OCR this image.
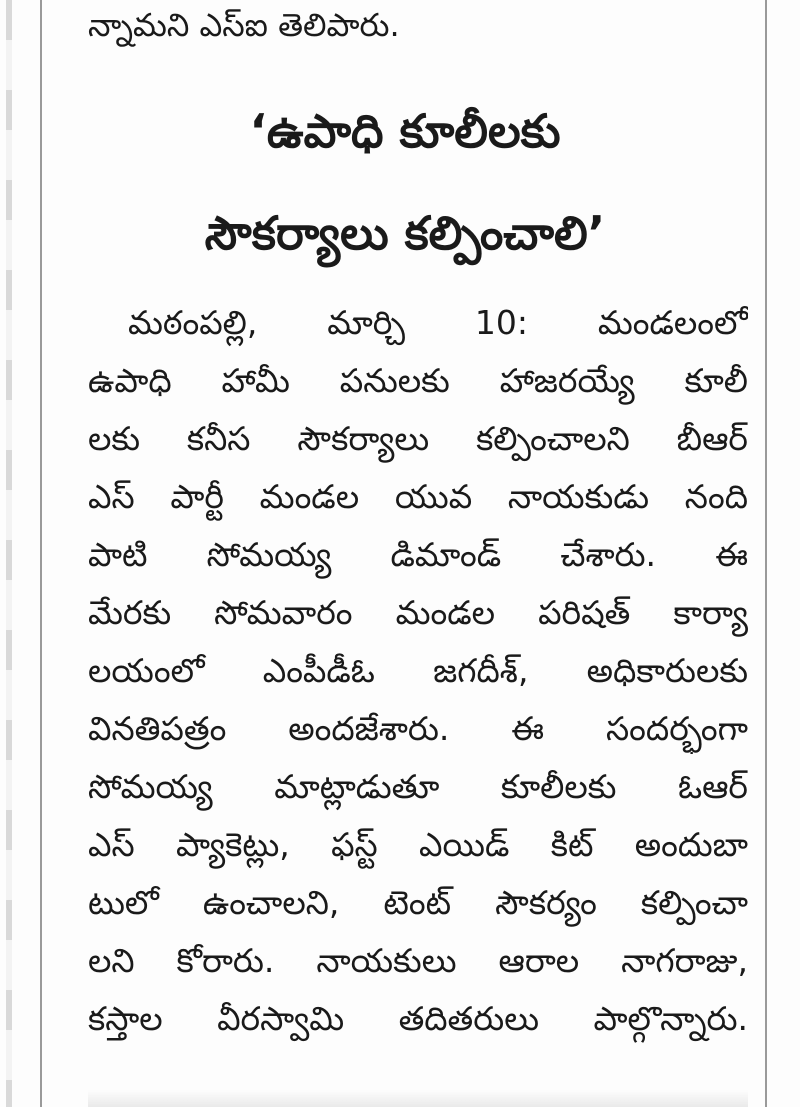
న్నామని ఎస్ఐ తెలిపారు.
‘ఉపాధి కూలీలకు
సౌకర్యాలు కల్పించాలి’
మఠంపల్లి, మార్చి 10: మండలంలో
ఉపాధి హామీ పనులకు హాజరయ్యే కూలీ
లకు కనీస సౌకర్యాలు కల్పించాలని బీఆర్
ఎస్ పార్టీ మండల యువ నాయకుడు నంది
పాటి సోమయ్య డిమాండ్ చేశారు. ఈ
మేరకు సోమవారం మండల పరిషత్ కార్యా
లయంలో ఎంపీడీఓ జగదీశ్, అధికారులకు
వినతిపత్రం అందజేశారు. ఈ సందర్భంగా
సోమయ్య మాట్లాడుతూ కూలీలకు ఓఆర్
ఎస్ ప్యాకెట్లు, ఫస్ట్ ఎయిడ్ కిట్ అందుబా
టులో ఉంచాలని, టెంట్ సౌకర్యం కల్పించా
లని కోరారు. నాయకులు ఆరాల నాగరాజు,
కస్తాల వీరస్వామి తదితరులు పాల్గొన్నారు.
